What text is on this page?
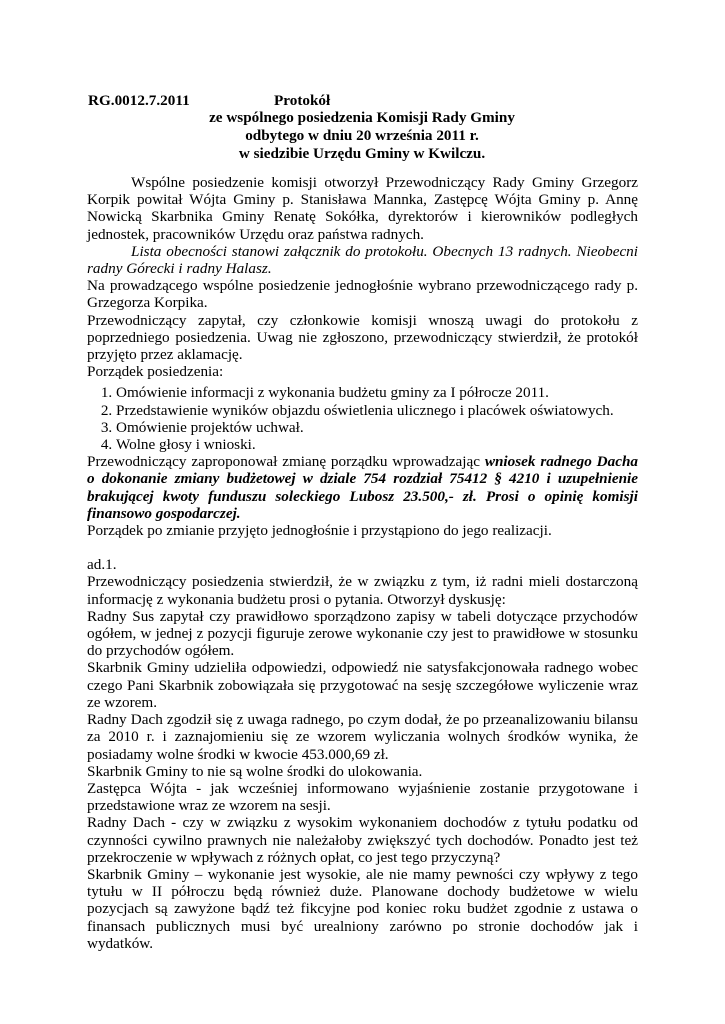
RG.0012.7.2011	Protokół
ze wspólnego posiedzenia Komisji Rady Gminy
odbytego w dniu 20 września 2011 r.
w siedzibie Urzędu Gminy w Kwilczu.

Wspólne posiedzenie komisji otworzył Przewodniczący Rady Gminy Grzegorz Korpik powitał Wójta Gminy p. Stanisława Mannka, Zastępcę Wójta Gminy p. Annę Nowicką Skarbnika Gminy Renatę Sokółka, dyrektorów i kierowników podległych jednostek, pracowników Urzędu oraz państwa radnych.

Lista obecności stanowi załącznik do protokołu. Obecnych 13 radnych. Nieobecni radny Górecki i radny Halasz.

Na prowadzącego wspólne posiedzenie jednogłośnie wybrano przewodniczącego rady p. Grzegorza Korpika.

Przewodniczący zapytał, czy członkowie komisji wnoszą uwagi do protokołu z poprzedniego posiedzenia. Uwag nie zgłoszono, przewodniczący stwierdził, że protokół przyjęto przez aklamację.

Porządek posiedzenia:

1. Omówienie informacji z wykonania budżetu gminy za I półrocze 2011.
2. Przedstawienie wyników objazdu oświetlenia ulicznego i placówek oświatowych.
3. Omówienie projektów uchwał.
4. Wolne głosy i wnioski.

Przewodniczący zaproponował zmianę porządku wprowadzając wniosek radnego Dacha o dokonanie zmiany budżetowej w dziale 754 rozdział 75412 § 4210 i uzupełnienie brakującej kwoty funduszu soleckiego Lubosz 23.500,- zł. Prosi o opinię komisji finansowo gospodarczej.

Porządek po zmianie przyjęto jednogłośnie i przystąpiono do jego realizacji.

ad.1.

Przewodniczący posiedzenia stwierdził, że w związku z tym, iż radni mieli dostarczoną informację z wykonania budżetu prosi o pytania. Otworzył dyskusję:

Radny Sus zapytał czy prawidłowo sporządzono zapisy w tabeli dotyczące przychodów ogółem, w jednej z pozycji figuruje zerowe wykonanie czy jest to prawidłowe w stosunku do przychodów ogółem.

Skarbnik Gminy udzieliła odpowiedzi, odpowiedź nie satysfakcjonowała radnego wobec czego Pani Skarbnik zobowiązała się przygotować na sesję szczegółowe wyliczenie wraz ze wzorem.

Radny Dach zgodził się z uwaga radnego, po czym dodał, że po przeanalizowaniu bilansu za 2010 r. i zaznajomieniu się ze wzorem wyliczania wolnych środków wynika, że posiadamy wolne środki w kwocie 453.000,69 zł.

Skarbnik Gminy to nie są wolne środki do ulokowania.

Zastępca Wójta - jak wcześniej informowano wyjaśnienie zostanie przygotowane i przedstawione wraz ze wzorem na sesji.

Radny Dach - czy w związku z wysokim wykonaniem dochodów z tytułu podatku od czynności cywilno prawnych nie należałoby zwiększyć tych dochodów. Ponadto jest też przekroczenie w wpływach z różnych opłat, co jest tego przyczyną?

Skarbnik Gminy – wykonanie jest wysokie, ale nie mamy pewności czy wpływy z tego tytułu w II półroczu będą również duże. Planowane dochody budżetowe w wielu pozycjach są zawyżone bądź też fikcyjne pod koniec roku budżet zgodnie z ustawa o finansach publicznych musi być urealniony zarówno po stronie dochodów jak i wydatków.
